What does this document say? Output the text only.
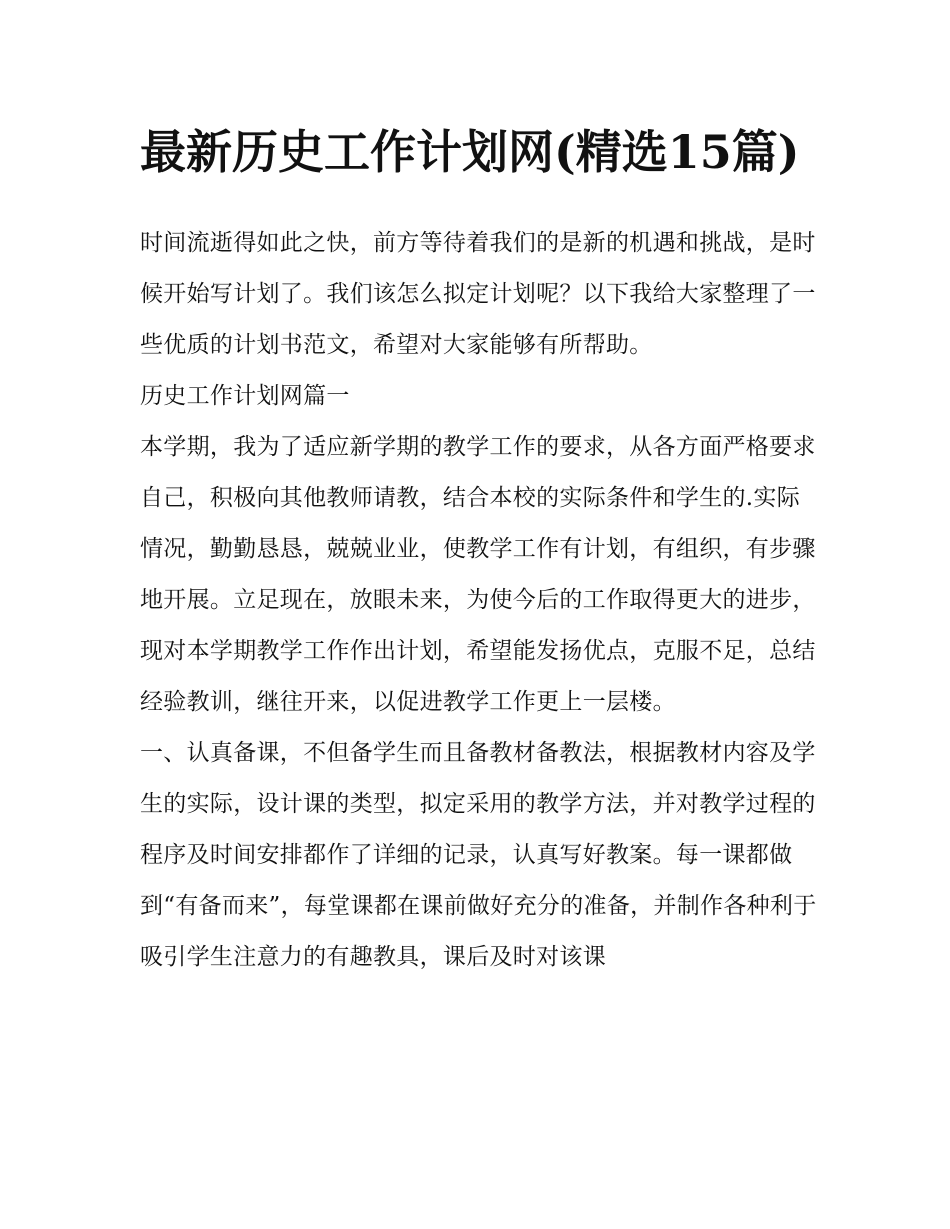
最新历史工作计划网(精选15篇)

时间流逝得如此之快，前方等待着我们的是新的机遇和挑战，是时候开始写计划了。我们该怎么拟定计划呢？以下我给大家整理了一些优质的计划书范文，希望对大家能够有所帮助。

历史工作计划网篇一

本学期，我为了适应新学期的教学工作的要求，从各方面严格要求自己，积极向其他教师请教，结合本校的实际条件和学生的.实际情况，勤勤恳恳，兢兢业业，使教学工作有计划，有组织，有步骤地开展。立足现在，放眼未来，为使今后的工作取得更大的进步，现对本学期教学工作作出计划，希望能发扬优点，克服不足，总结经验教训，继往开来，以促进教学工作更上一层楼。

一、认真备课，不但备学生而且备教材备教法，根据教材内容及学生的实际，设计课的类型，拟定采用的教学方法，并对教学过程的程序及时间安排都作了详细的记录，认真写好教案。每一课都做到“有备而来”，每堂课都在课前做好充分的准备，并制作各种利于吸引学生注意力的有趣教具，课后及时对该课
